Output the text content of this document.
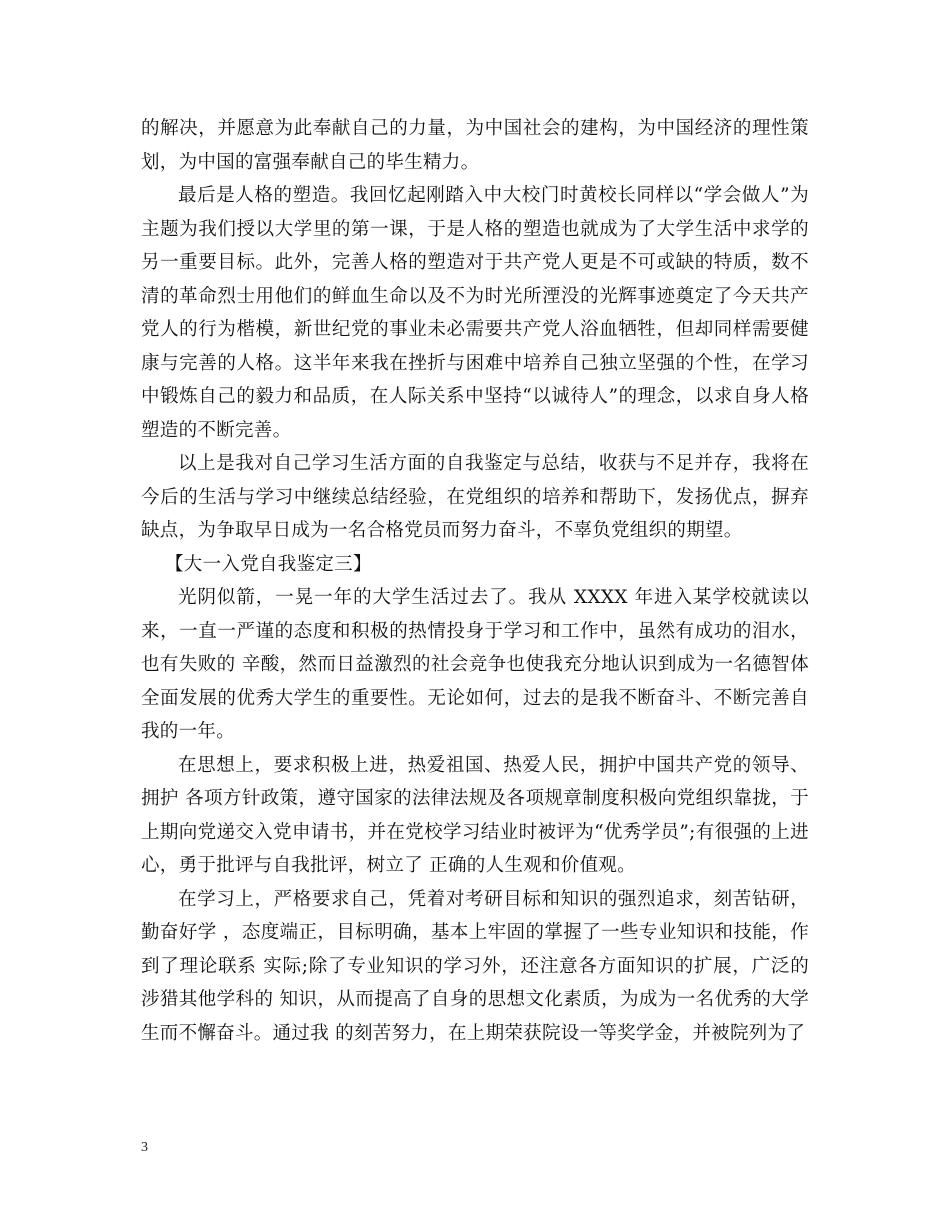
的解决，并愿意为此奉献自己的力量，为中国社会的建构，为中国经济的理性策划，为中国的富强奉献自己的毕生精力。

最后是人格的塑造。我回忆起刚踏入中大校门时黄校长同样以“学会做人”为主题为我们授以大学里的第一课，于是人格的塑造也就成为了大学生活中求学的另一重要目标。此外，完善人格的塑造对于共产党人更是不可或缺的特质，数不清的革命烈士用他们的鲜血生命以及不为时光所湮没的光辉事迹奠定了今天共产党人的行为楷模，新世纪党的事业未必需要共产党人浴血牺牲，但却同样需要健康与完善的人格。这半年来我在挫折与困难中培养自己独立坚强的个性，在学习中锻炼自己的毅力和品质，在人际关系中坚持“以诚待人”的理念，以求自身人格塑造的不断完善。

以上是我对自己学习生活方面的自我鉴定与总结，收获与不足并存，我将在今后的生活与学习中继续总结经验，在党组织的培养和帮助下，发扬优点，摒弃缺点，为争取早日成为一名合格党员而努力奋斗，不辜负党组织的期望。

【大一入党自我鉴定三】

光阴似箭，一晃一年的大学生活过去了。我从 XXXX 年进入某学校就读以来，一直一严谨的态度和积极的热情投身于学习和工作中，虽然有成功的泪水，也有失败的 辛酸，然而日益激烈的社会竞争也使我充分地认识到成为一名德智体全面发展的优秀大学生的重要性。无论如何，过去的是我不断奋斗、不断完善自我的一年。

在思想上，要求积极上进，热爱祖国、热爱人民，拥护中国共产党的领导、拥护 各项方针政策，遵守国家的法律法规及各项规章制度积极向党组织靠拢，于上期向党递交入党申请书，并在党校学习结业时被评为“优秀学员”;有很强的上进心，勇于批评与自我批评，树立了 正确的人生观和价值观。

在学习上，严格要求自己，凭着对考研目标和知识的强烈追求，刻苦钻研，勤奋好学 ，态度端正，目标明确，基本上牢固的掌握了一些专业知识和技能，作到了理论联系 实际;除了专业知识的学习外，还注意各方面知识的扩展，广泛的涉猎其他学科的 知识，从而提高了自身的思想文化素质，为成为一名优秀的大学生而不懈奋斗。通过我 的刻苦努力，在上期荣获院设一等奖学金，并被院列为了

3
